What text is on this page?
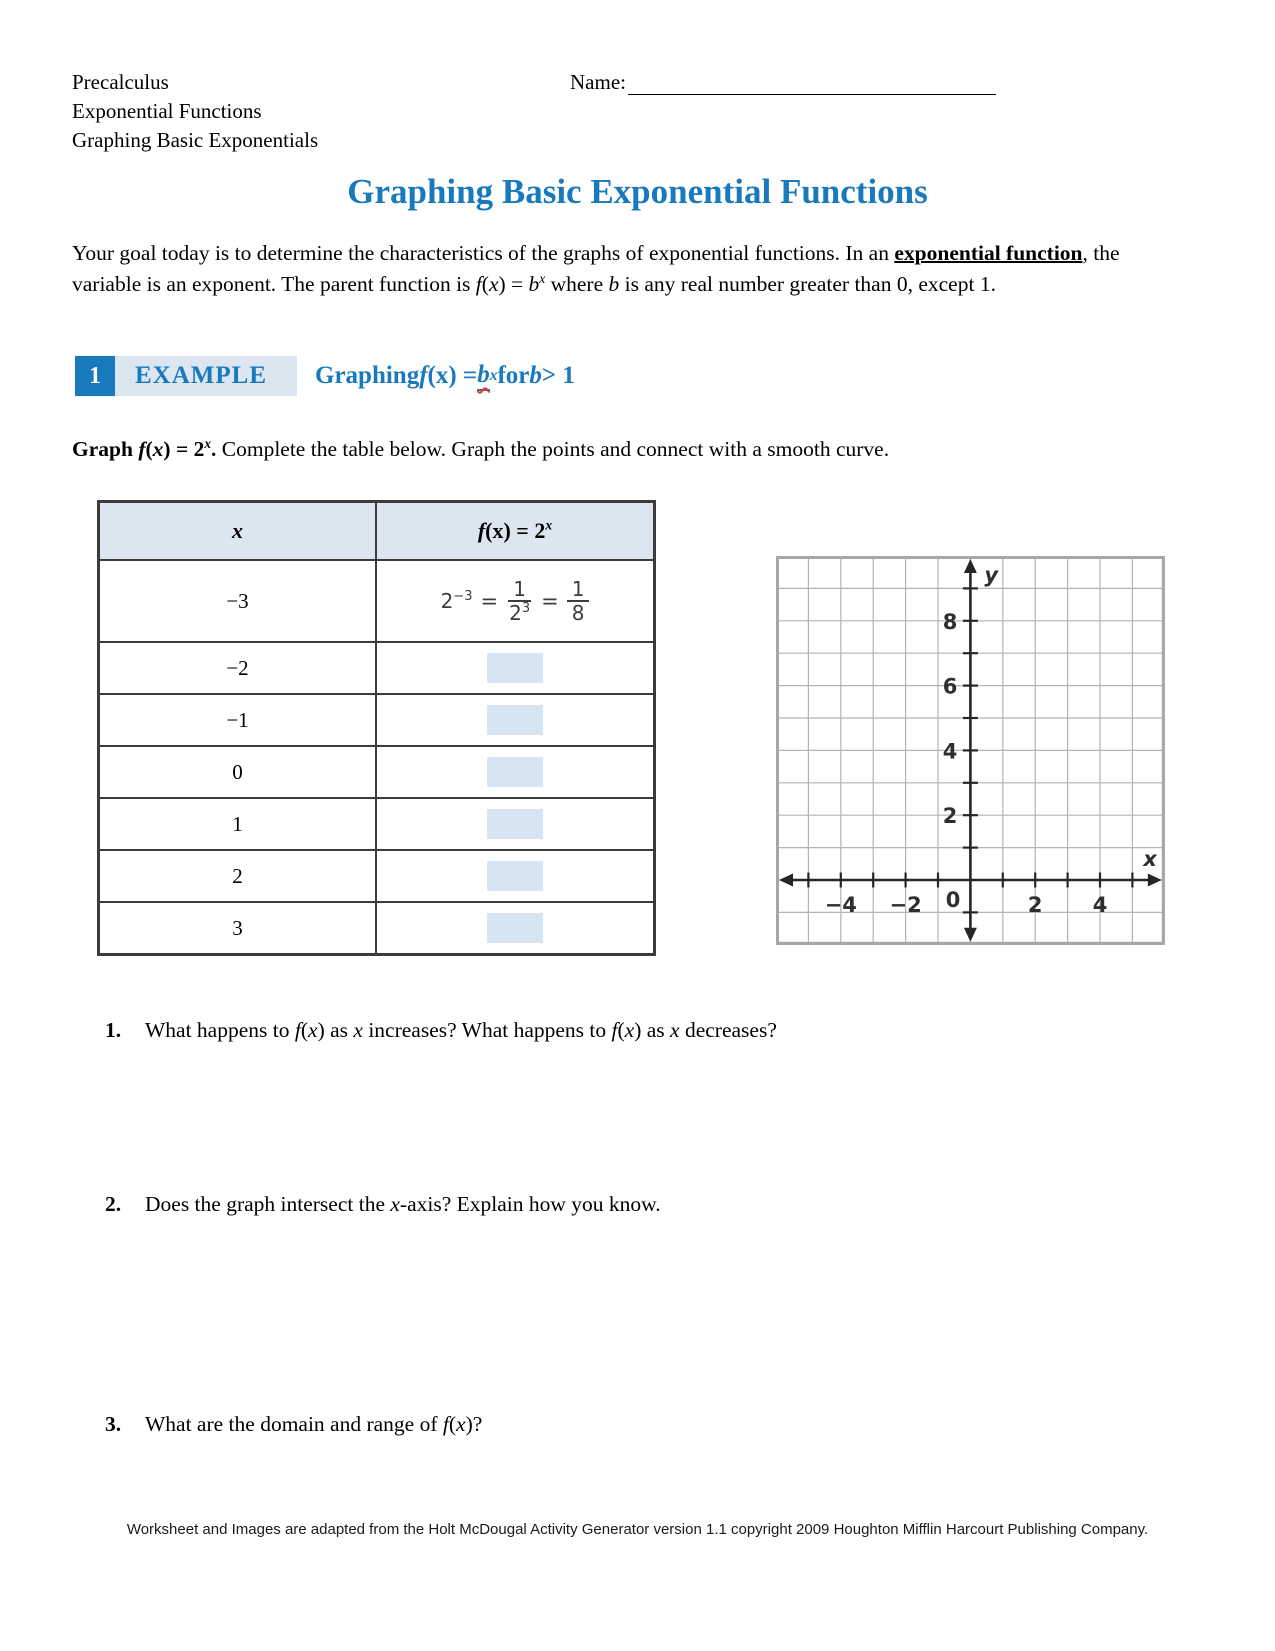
Precalculus
Exponential Functions
Graphing Basic Exponentials
Name:
Graphing Basic Exponential Functions
Your goal today is to determine the characteristics of the graphs of exponential functions. In an exponential function, the variable is an exponent. The parent function is $f(x) = b^x$ where b is any real number greater than 0, except 1.
1	EXAMPLE	Graphing f (x) = b x for b > 1
Graph $f(x) = 2^x$. Complete the table below. Graph the points and connect with a smooth curve.
x	$f(x) = 2^x$
−3	$2^{-3} = \frac{1}{2^3} = \frac{1}{8}$

−2	

−1	

0	

1	

2	

3	
−4 −2	2 4
2
4
6
8
0
y
x
1.	What happens to f(x) as x increases? What happens to f(x) as x decreases?
2.	Does the graph intersect the x-axis? Explain how you know.
3.	What are the domain and range of f(x)?
Worksheet and Images are adapted from the Holt McDougal Activity Generator version 1.1 copyright 2009 Houghton Mifflin Harcourt Publishing Company.
